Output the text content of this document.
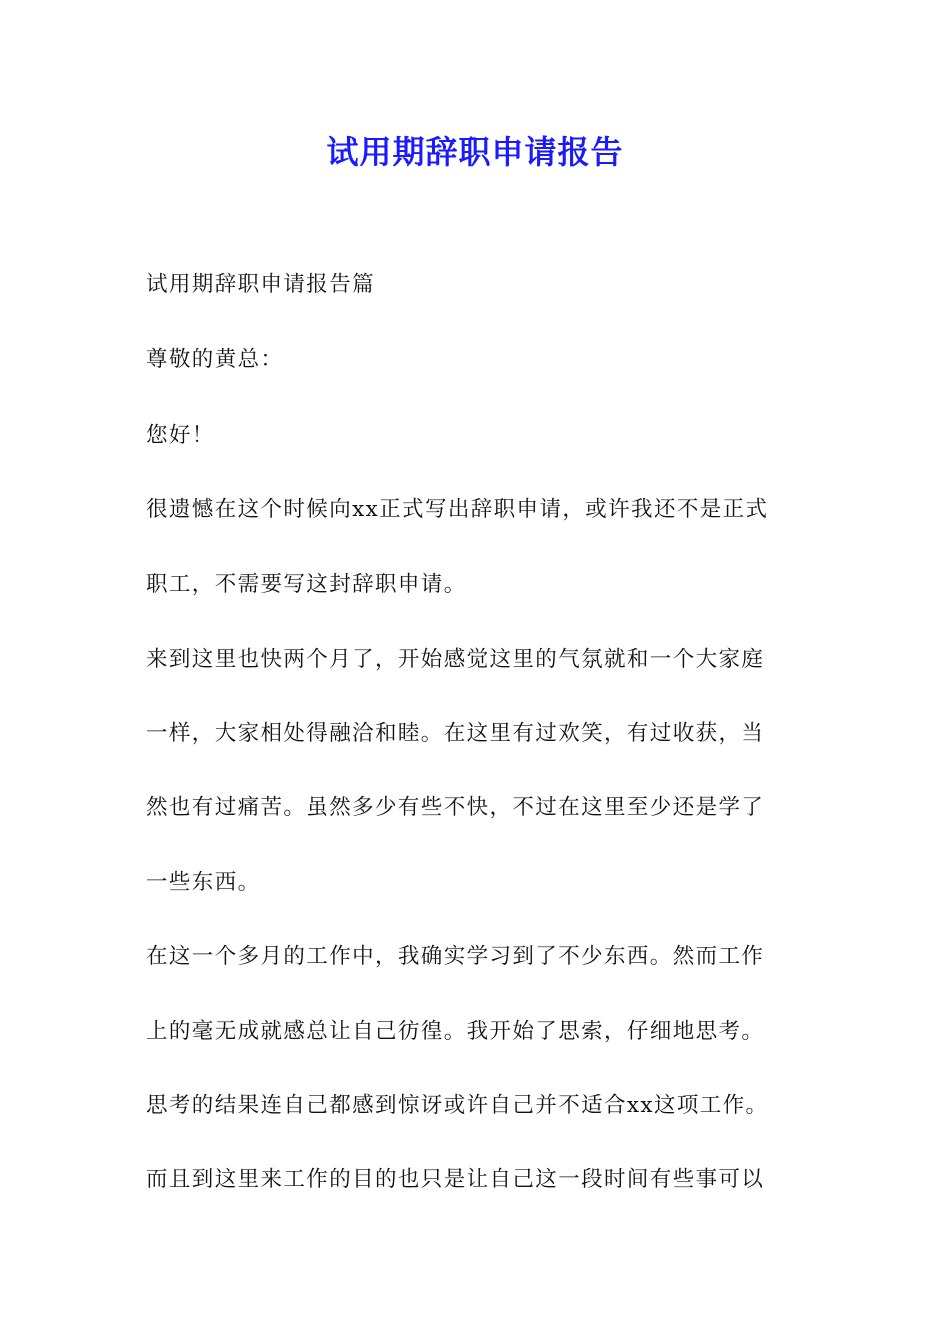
试用期辞职申请报告

试用期辞职申请报告篇

尊敬的黄总：

您好！

很遗憾在这个时候向xx正式写出辞职申请，或许我还不是正式

职工，不需要写这封辞职申请。

来到这里也快两个月了，开始感觉这里的气氛就和一个大家庭

一样，大家相处得融洽和睦。在这里有过欢笑，有过收获，当

然也有过痛苦。虽然多少有些不快，不过在这里至少还是学了

一些东西。

在这一个多月的工作中，我确实学习到了不少东西。然而工作

上的毫无成就感总让自己彷徨。我开始了思索，仔细地思考。

思考的结果连自己都感到惊讶或许自己并不适合xx这项工作。

而且到这里来工作的目的也只是让自己这一段时间有些事可以
